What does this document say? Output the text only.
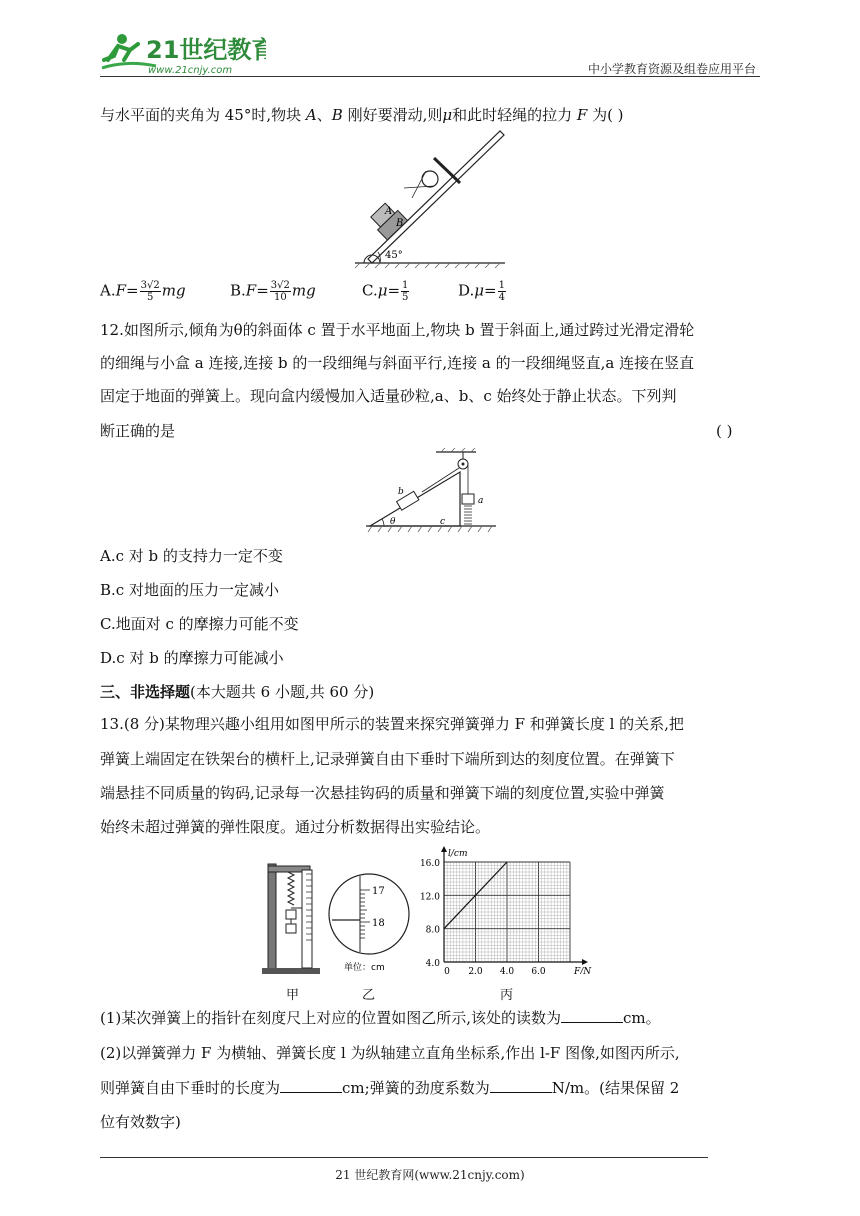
21世纪教育
www.21cnjy.com	中小学教育资源及组卷应用平台
与水平面的夹角为 45°时,物块 A、B 刚好要滑动,则μ和此时轻绳的拉力 F 为( )
45°
A
B
$A.F= \frac{3√2}{5}$ mg	$B.F= \frac{3√2}{10}$ mg	$C.\mu= \frac{1}{5}$	$D.\mu= \frac{1}{4}$
12.如图所示,倾角为θ的斜面体 c 置于水平地面上,物块 b 置于斜面上,通过跨过光滑定滑轮
的细绳与小盒 a 连接,连接 b 的一段细绳与斜面平行,连接 a 的一段细绳竖直,a 连接在竖直
固定于地面的弹簧上。现向盒内缓慢加入适量砂粒,a、b、c 始终处于静止状态。下列判
断正确的是	( )
θ
b
a
c
A.c 对 b 的支持力一定不变
B.c 对地面的压力一定减小
C.地面对 c 的摩擦力可能不变
D.c 对 b 的摩擦力可能减小
三、非选择题(本大题共 6 小题,共 60 分)
13.(8 分)某物理兴趣小组用如图甲所示的装置来探究弹簧弹力 F 和弹簧长度 l 的关系,把
弹簧上端固定在铁架台的横杆上,记录弹簧自由下垂时下端所到达的刻度位置。在弹簧下
端悬挂不同质量的钩码,记录每一次悬挂钩码的质量和弹簧下端的刻度位置,实验中弹簧
始终未超过弹簧的弹性限度。通过分析数据得出实验结论。
17
18
单位：cm
16.0
12.0
8.0
4.0
0 2.0 4.0 6.0
l/cm
F/N
甲	乙	丙
(1)某次弹簧上的指针在刻度尺上对应的位置如图乙所示,该处的读数为	cm。
(2)以弹簧弹力 F 为横轴、弹簧长度 l 为纵轴建立直角坐标系,作出 l-F 图像,如图丙所示,
则弹簧自由下垂时的长度为	cm;弹簧的劲度系数为	N/m。(结果保留 2
位有效数字)
21 世纪教育网(www.21cnjy.com)
